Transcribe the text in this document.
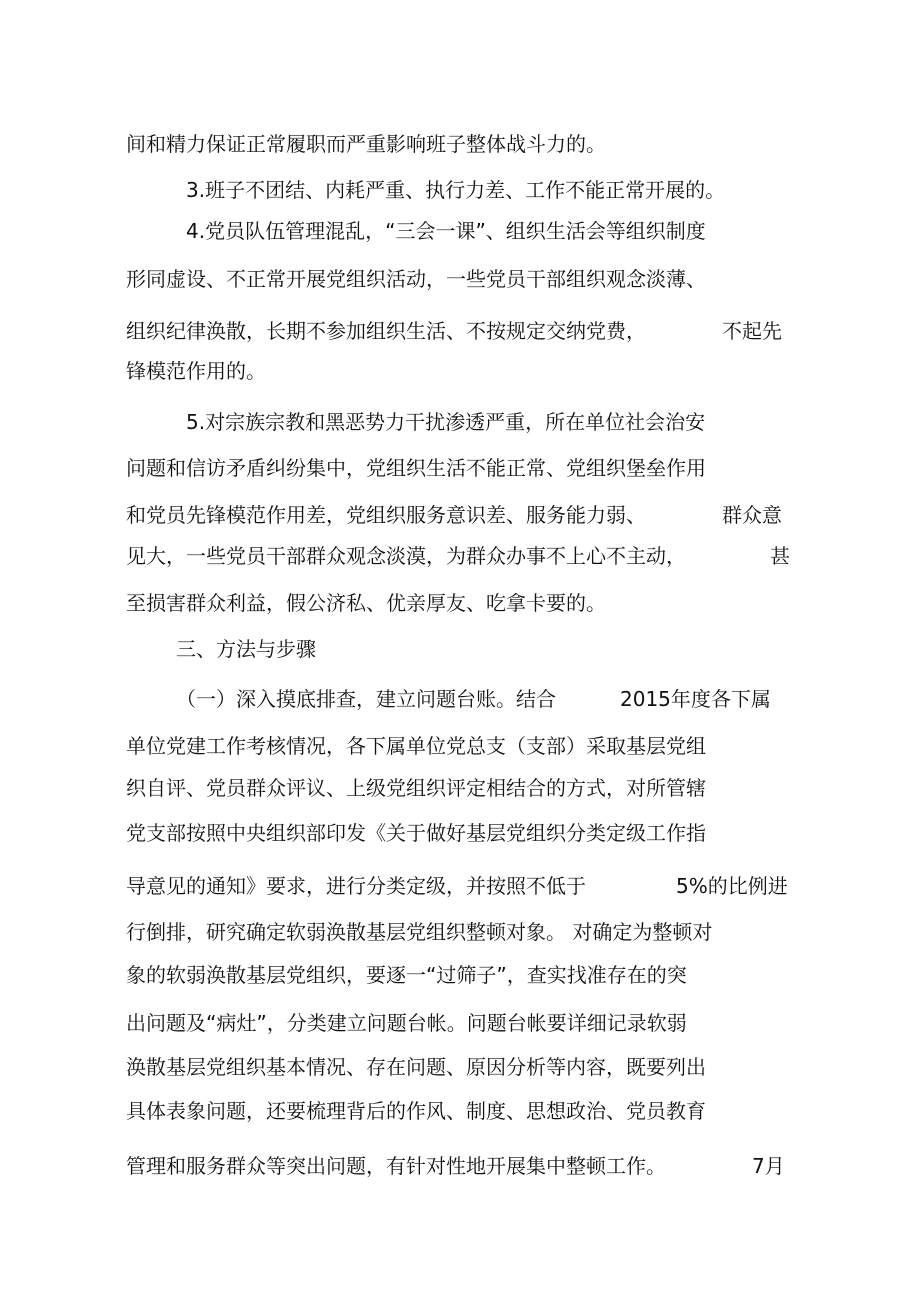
间和精力保证正常履职而严重影响班子整体战斗力的。
3.班子不团结、内耗严重、执行力差、工作不能正常开展的。
4.党员队伍管理混乱，“三会一课”、组织生活会等组织制度
形同虚设、不正常开展党组织活动，一些党员干部组织观念淡薄、
组织纪律涣散，长期不参加组织生活、不按规定交纳党费，	不起先
锋模范作用的。
5.对宗族宗教和黑恶势力干扰渗透严重，所在单位社会治安
问题和信访矛盾纠纷集中，党组织生活不能正常、党组织堡垒作用
和党员先锋模范作用差，党组织服务意识差、服务能力弱、	群众意
见大，一些党员干部群众观念淡漠，为群众办事不上心不主动，	甚
至损害群众利益，假公济私、优亲厚友、吃拿卡要的。
三、方法与步骤
（一）深入摸底排查，建立问题台账。结合	2015年度各下属
单位党建工作考核情况，各下属单位党总支（支部）采取基层党组
织自评、党员群众评议、上级党组织评定相结合的方式，对所管辖
党支部按照中央组织部印发《关于做好基层党组织分类定级工作指
导意见的通知》要求，进行分类定级，并按照不低于	5%的比例进
行倒排，研究确定软弱涣散基层党组织整顿对象。 对确定为整顿对
象的软弱涣散基层党组织，要逐一“过筛子”，查实找准存在的突
出问题及“病灶”，分类建立问题台帐。问题台帐要详细记录软弱
涣散基层党组织基本情况、存在问题、原因分析等内容，既要列出
具体表象问题，还要梳理背后的作风、制度、思想政治、党员教育
管理和服务群众等突出问题，有针对性地开展集中整顿工作。	7月
